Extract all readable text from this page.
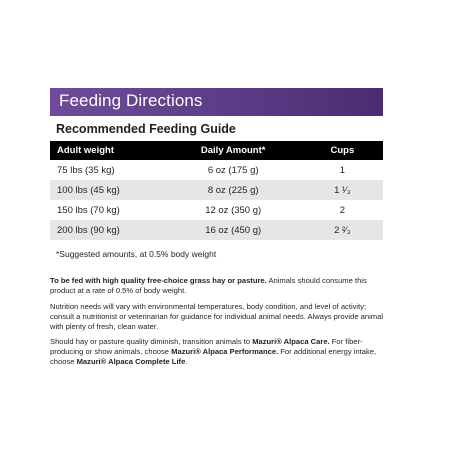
Feeding Directions
Recommended Feeding Guide
Adult weight	Daily Amount*	Cups
75 lbs (35 kg)	6 oz (175 g)	1
100 lbs (45 kg)	8 oz (225 g)	1 ¹⁄₃
150 lbs (70 kg)	12 oz (350 g)	2
200 lbs (90 kg)	16 oz (450 g)	2 ²⁄₃
*Suggested amounts, at 0.5% body weight

To be fed with high quality free-choice grass hay or pasture. Animals should consume this product at a rate of 0.5% of body weight.

Nutrition needs will vary with environmental temperatures, body condition, and level of activity; consult a nutritionist or veterinarian for guidance for individual animal needs. Always provide animal with plenty of fresh, clean water.

Should hay or pasture quality diminish, transition animals to Mazuri® Alpaca Care. For fiber-producing or show animals, choose Mazuri® Alpaca Performance. For additional energy intake, choose Mazuri® Alpaca Complete Life.
